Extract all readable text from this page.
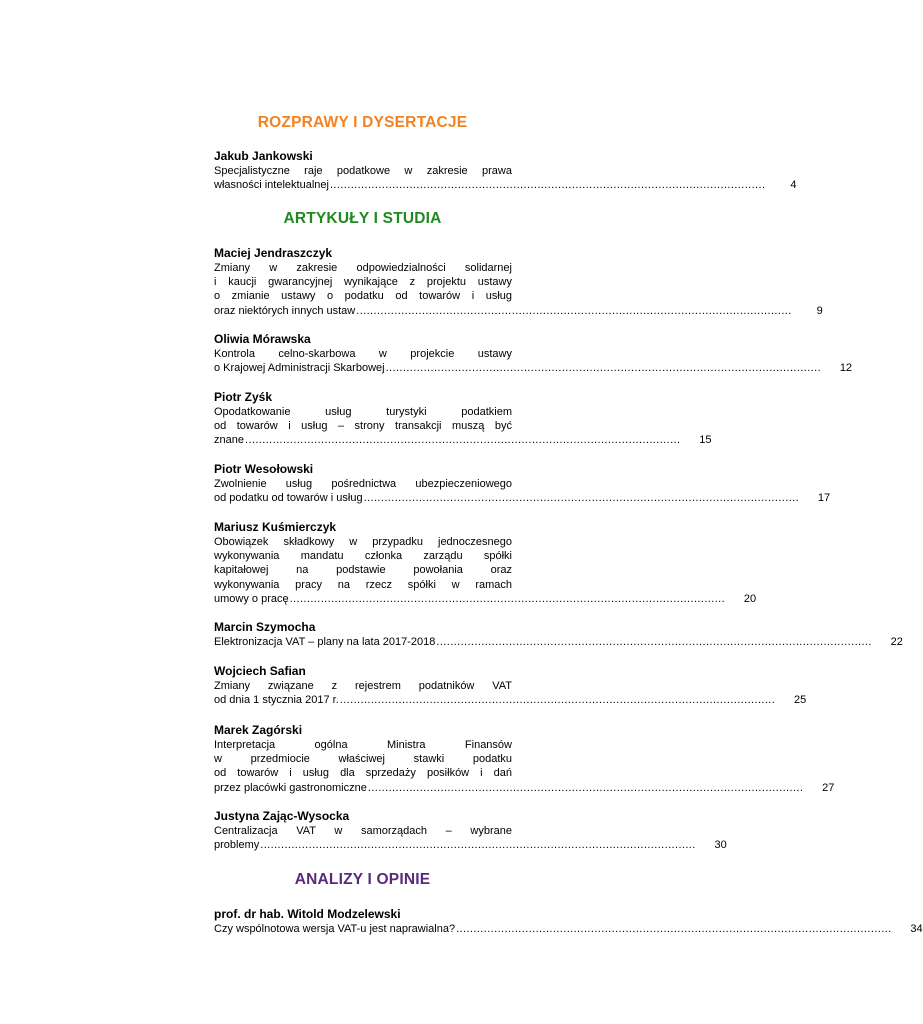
ROZPRAWY I DYSERTACJE
Jakub Jankowski
Specjalistyczne raje podatkowe w zakresie prawa
własności intelektualnej ..............................................................................................................................	4
ARTYKUŁY I STUDIA
Maciej Jendraszczyk
Zmiany w zakresie odpowiedzialności solidarnej
i kaucji gwarancyjnej wynikające z projektu ustawy
o zmianie ustawy o podatku od towarów i usług
oraz niektórych innych ustaw ..............................................................................................................................	9
Oliwia Mórawska
Kontrola celno-skarbowa w projekcie ustawy
o Krajowej Administracji Skarbowej ..............................................................................................................................	12
Piotr Zyśk
Opodatkowanie usług turystyki podatkiem
od towarów i usług – strony transakcji muszą być
znane ..............................................................................................................................	15
Piotr Wesołowski
Zwolnienie usług pośrednictwa ubezpieczeniowego
od podatku od towarów i usług ..............................................................................................................................	17
Mariusz Kuśmierczyk
Obowiązek składkowy w przypadku jednoczesnego
wykonywania mandatu członka zarządu spółki
kapitałowej na podstawie powołania oraz
wykonywania pracy na rzecz spółki w ramach
umowy o pracę ..............................................................................................................................	20
Marcin Szymocha
Elektronizacja VAT – plany na lata 2017-2018 ..............................................................................................................................	22
Wojciech Safian
Zmiany związane z rejestrem podatników VAT
od dnia 1 stycznia 2017 r. ..............................................................................................................................	25
Marek Zagórski
Interpretacja ogólna Ministra Finansów
w przedmiocie właściwej stawki podatku
od towarów i usług dla sprzedaży posiłków i dań
przez placówki gastronomiczne ..............................................................................................................................	27
Justyna Zając-Wysocka
Centralizacja VAT w samorządach – wybrane
problemy ..............................................................................................................................	30
ANALIZY I OPINIE
prof. dr hab. Witold Modzelewski
Czy wspólnotowa wersja VAT-u jest naprawialna? ..............................................................................................................................	34
